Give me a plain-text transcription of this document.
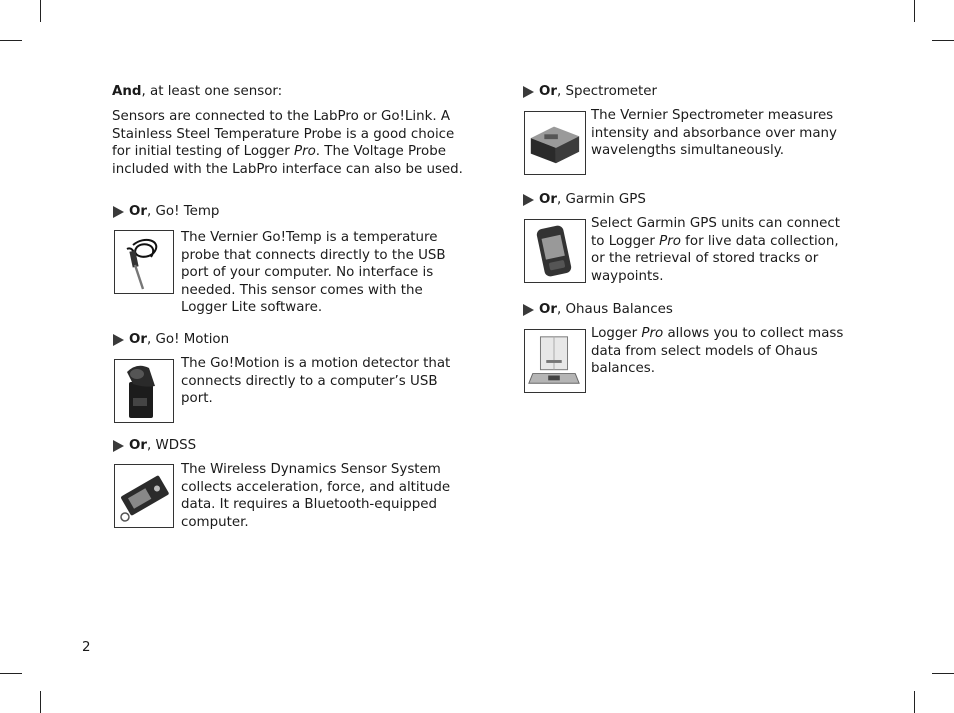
And, at least one sensor:

Sensors are connected to the LabPro or Go!Link. A Stainless Steel Temperature Probe is a good choice for initial testing of Logger Pro. The Voltage Probe included with the LabPro interface can also be used.

Or , Go! Temp

The Vernier Go!Temp is a temperature probe that connects directly to the USB port of your computer. No interface is needed. This sensor comes with the Logger Lite software.

Or , Go! Motion

The Go!Motion is a motion detector that connects directly to a computer’s USB port.

Or , WDSS

The Wireless Dynamics Sensor System collects acceleration, force, and altitude data. It requires a Bluetooth-equipped computer.

Or , Spectrometer

The Vernier Spectrometer measures intensity and absorbance over many wavelengths simultaneously.

Or , Garmin GPS

Select Garmin GPS units can connect to Logger Pro for live data collection, or the retrieval of stored tracks or waypoints.

Or , Ohaus Balances

Logger Pro allows you to collect mass data from select models of Ohaus balances.

2
